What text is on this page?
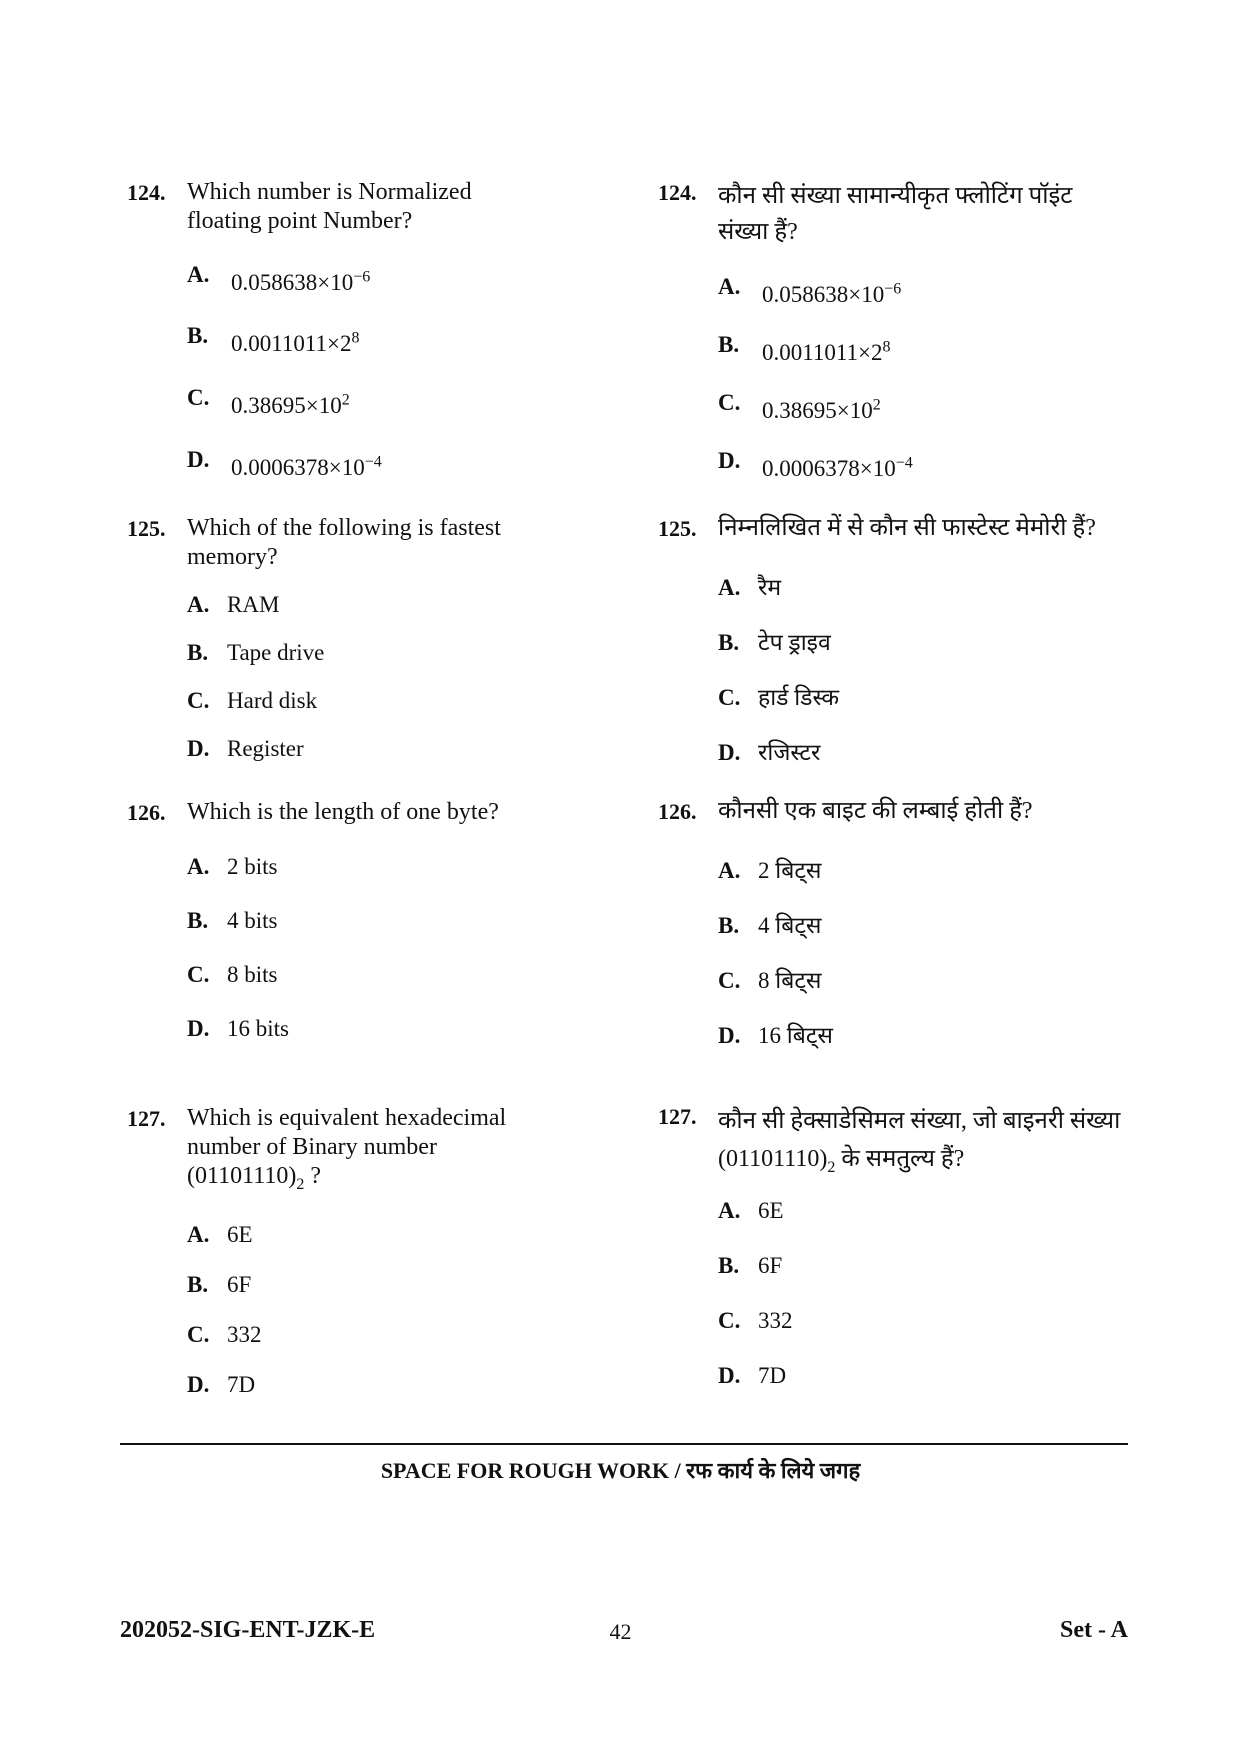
124. Which number is Normalized floating point Number?
A. $0.058638\times 10^{-6}$
B. $0.0011011\times 2^8$
C. $0.38695\times 10^2$
D. $0.0006378\times 10^{-4}$
125. Which of the following is fastest memory?
A. RAM
B. Tape drive
C. Hard disk
D. Register
126. Which is the length of one byte?
A. 2 bits
B. 4 bits
C. 8 bits
D. 16 bits
127. Which is equivalent hexadecimal number of Binary number
$(01101110)_2$ ?
A. 6E
B. 6F
C. 332
D. 7D
124. कौन सी संख्या सामान्यीकृत फ्लोटिंग पॉइंट संख्या हैं?
A. $0.058638\times 10^{-6}$
B. $0.0011011\times 2^8$
C. $0.38695\times 10^2$
D. $0.0006378\times 10^{-4}$
125. निम्नलिखित में से कौन सी फास्टेस्ट मेमोरी हैं?
A. रैम
B. टेप ड्राइव
C. हार्ड डिस्क
D. रजिस्टर
126. कौनसी एक बाइट की लम्बाई होती हैं?
A. 2 बिट्स
B. 4 बिट्स
C. 8 बिट्स
D. 16 बिट्स
127. कौन सी हेक्साडेसिमल संख्या, जो बाइनरी संख्या
$(01101110)_2$ के समतुल्य हैं?
A. 6E
B. 6F
C. 332
D. 7D
SPACE FOR ROUGH WORK / रफ कार्य के लिये जगह
202052-SIG-ENT-JZK-E	42	Set - A
